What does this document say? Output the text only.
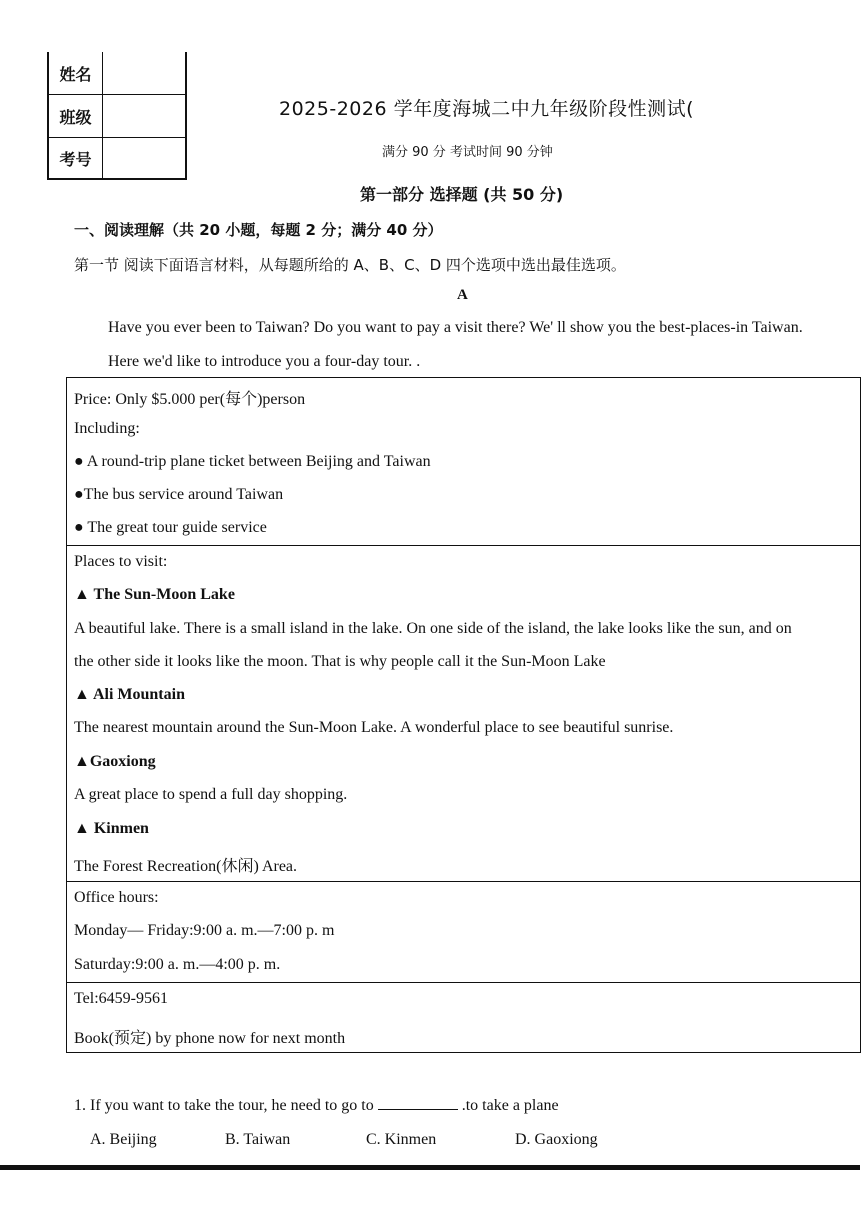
姓名
班级
考号
2025-2026 学年度海城二中九年级阶段性测试(
满分 90 分 考试时间 90 分钟
第一部分 选择题 (共 50 分)
一、阅读理解（共 20 小题，每题 2 分；满分 40 分）
第一节 阅读下面语言材料，从每题所给的 A、B、C、D 四个选项中选出最佳选项。
A
Have you ever been to Taiwan? Do you want to pay a visit there? We' ll show you the best-places-in Taiwan.
Here we'd like to introduce you a four-day tour. .
Price: Only $5.000 per(每个)person
Including:
● A round-trip plane ticket between Beijing and Taiwan
●The bus service around Taiwan
● The great tour guide service
Places to visit:
▲ The Sun-Moon Lake
A beautiful lake. There is a small island in the lake. On one side of the island, the lake looks like the sun, and on
the other side it looks like the moon. That is why people call it the Sun-Moon Lake
▲ Ali Mountain
The nearest mountain around the Sun-Moon Lake. A wonderful place to see beautiful sunrise.
▲Gaoxiong
A great place to spend a full day shopping.
▲ Kinmen
The Forest Recreation(休闲) Area.
Office hours:
Monday— Friday:9:00 a. m.—7:00 p. m
Saturday:9:00 a. m.—4:00 p. m.
Tel:6459-9561
Book(预定) by phone now for next month
1. If you want to take the tour, he need to go to	.to take a plane
A. Beijing	B. Taiwan	C. Kinmen	D. Gaoxiong
